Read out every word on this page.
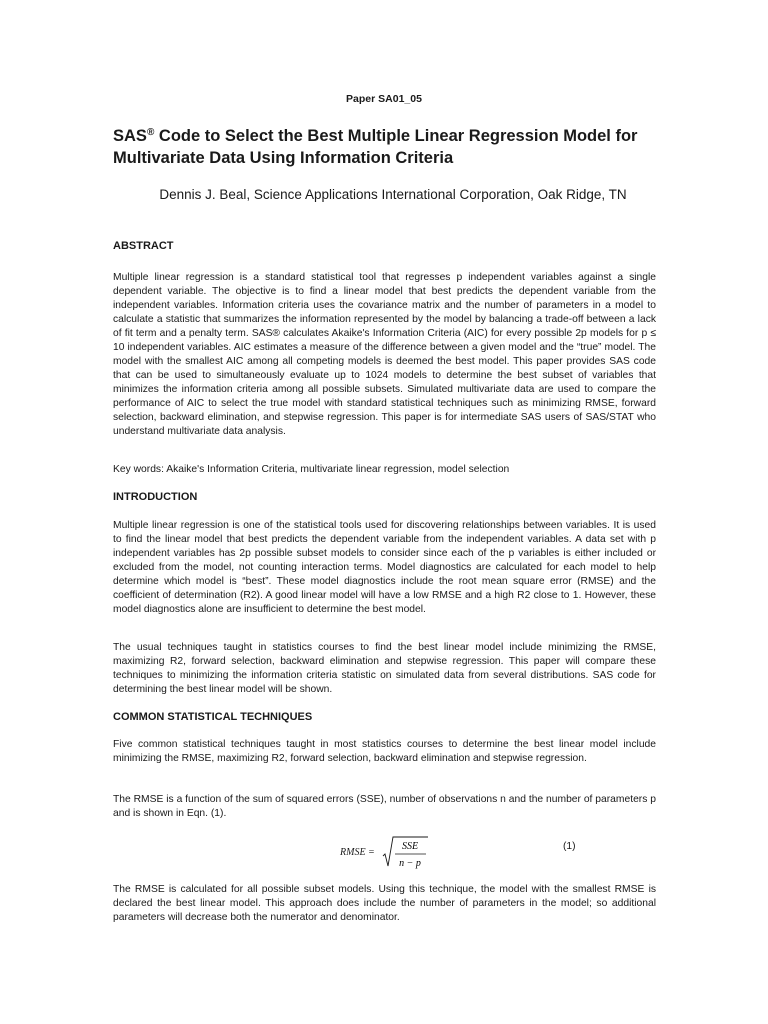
Paper SA01_05
SAS® Code to Select the Best Multiple Linear Regression Model for Multivariate Data Using Information Criteria

Dennis J. Beal, Science Applications International Corporation, Oak Ridge, TN

ABSTRACT

Multiple linear regression is a standard statistical tool that regresses p independent variables against a single dependent variable. The objective is to find a linear model that best predicts the dependent variable from the independent variables. Information criteria uses the covariance matrix and the number of parameters in a model to calculate a statistic that summarizes the information represented by the model by balancing a trade-off between a lack of fit term and a penalty term. SAS® calculates Akaike's Information Criteria (AIC) for every possible 2p models for p ≤ 10 independent variables. AIC estimates a measure of the difference between a given model and the “true” model. The model with the smallest AIC among all competing models is deemed the best model. This paper provides SAS code that can be used to simultaneously evaluate up to 1024 models to determine the best subset of variables that minimizes the information criteria among all possible subsets. Simulated multivariate data are used to compare the performance of AIC to select the true model with standard statistical techniques such as minimizing RMSE, forward selection, backward elimination, and stepwise regression. This paper is for intermediate SAS users of SAS/STAT who understand multivariate data analysis.

Key words: Akaike's Information Criteria, multivariate linear regression, model selection

INTRODUCTION

Multiple linear regression is one of the statistical tools used for discovering relationships between variables. It is used to find the linear model that best predicts the dependent variable from the independent variables. A data set with p independent variables has 2p possible subset models to consider since each of the p variables is either included or excluded from the model, not counting interaction terms. Model diagnostics are calculated for each model to help determine which model is “best”. These model diagnostics include the root mean square error (RMSE) and the coefficient of determination (R2). A good linear model will have a low RMSE and a high R2 close to 1. However, these model diagnostics alone are insufficient to determine the best model.

The usual techniques taught in statistics courses to find the best linear model include minimizing the RMSE, maximizing R2, forward selection, backward elimination and stepwise regression. This paper will compare these techniques to minimizing the information criteria statistic on simulated data from several distributions. SAS code for determining the best linear model will be shown.

COMMON STATISTICAL TECHNIQUES

Five common statistical techniques taught in most statistics courses to determine the best linear model include minimizing the RMSE, maximizing R2, forward selection, backward elimination and stepwise regression.

The RMSE is a function of the sum of squared errors (SSE), number of observations n and the number of parameters p and is shown in Eqn. (1).

RMSE =
SSE
n − p
(1)

The RMSE is calculated for all possible subset models. Using this technique, the model with the smallest RMSE is declared the best linear model. This approach does include the number of parameters in the model; so additional parameters will decrease both the numerator and denominator.
